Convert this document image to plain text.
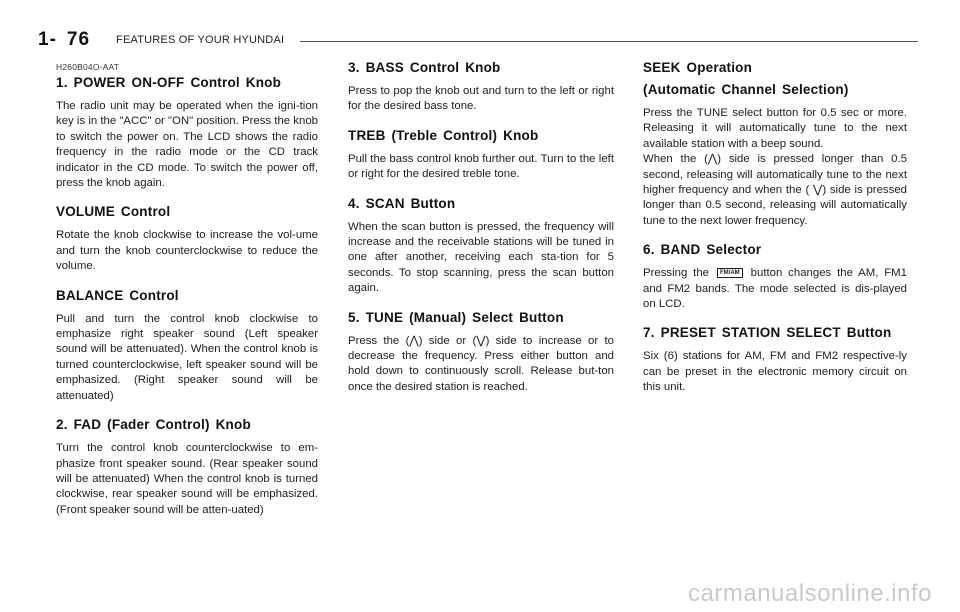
1- 76 FEATURES OF YOUR HYUNDAI
H260B04O-AAT
1. POWER ON-OFF Control Knob

The radio unit may be operated when the igni-tion key is in the "ACC" or "ON" position. Press the knob to switch the power on. The LCD shows the radio frequency in the radio mode or the CD track indicator in the CD mode. To switch the power off, press the knob again.

VOLUME Control

Rotate the knob clockwise to increase the vol-ume and turn the knob counterclockwise to reduce the volume.

BALANCE Control

Pull and turn the control knob clockwise to emphasize right speaker sound (Left speaker sound will be attenuated). When the control knob is turned counterclockwise, left speaker sound will be emphasized. (Right speaker sound will be attenuated)

2. FAD (Fader Control) Knob

Turn the control knob counterclockwise to em-phasize front speaker sound. (Rear speaker sound will be attenuated) When the control knob is turned clockwise, rear speaker sound will be emphasized. (Front speaker sound will be atten-uated)

3. BASS Control Knob

Press to pop the knob out and turn to the left or right for the desired bass tone.

TREB (Treble Control) Knob

Pull the bass control knob further out. Turn to the left or right for the desired treble tone.

4. SCAN Button

When the scan button is pressed, the frequency will increase and the receivable stations will be tuned in one after another, receiving each sta-tion for 5 seconds. To stop scanning, press the scan button again.

5. TUNE (Manual) Select Button

Press the (⋀) side or (⋁) side to increase or to decrease the frequency. Press either button and hold down to continuously scroll. Release but-ton once the desired station is reached.

SEEK Operation
(Automatic Channel Selection)

Press the TUNE select button for 0.5 sec or more. Releasing it will automatically tune to the next available station with a beep sound.

When the (⋀) side is pressed longer than 0.5 second, releasing will automatically tune to the next higher frequency and when the ( ⋁) side is pressed longer than 0.5 second, releasing will automatically tune to the next lower frequency.

6. BAND Selector

Pressing the FM/AM button changes the AM, FM1 and FM2 bands. The mode selected is dis-played on LCD.

7. PRESET STATION SELECT Button

Six (6) stations for AM, FM and FM2 respective-ly can be preset in the electronic memory circuit on this unit.

carmanualsonline.info
